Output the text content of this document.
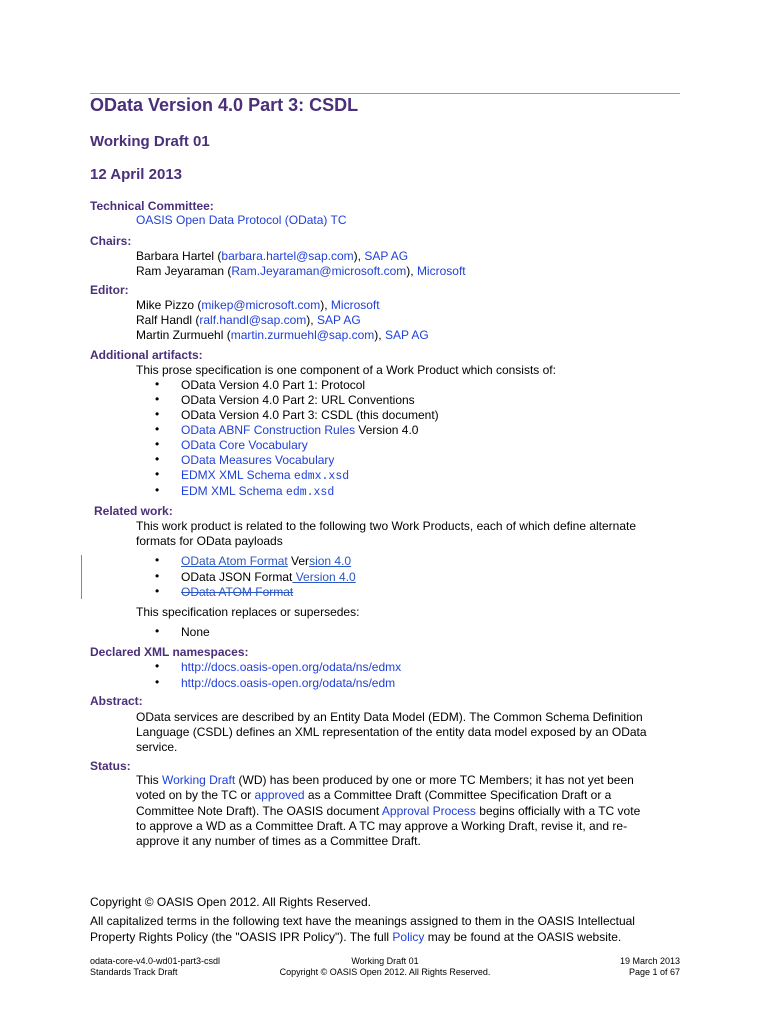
OData Version 4.0 Part 3: CSDL
Working Draft 01
12 April 2013
Technical Committee:
OASIS Open Data Protocol (OData) TC
Chairs:
Barbara Hartel (barbara.hartel@sap.com), SAP AG
Ram Jeyaraman (Ram.Jeyaraman@microsoft.com), Microsoft
Editor:
Mike Pizzo (mikep@microsoft.com), Microsoft
Ralf Handl (ralf.handl@sap.com), SAP AG
Martin Zurmuehl (martin.zurmuehl@sap.com), SAP AG
Additional artifacts:
This prose specification is one component of a Work Product which consists of:
• OData Version 4.0 Part 1: Protocol
• OData Version 4.0 Part 2: URL Conventions
• OData Version 4.0 Part 3: CSDL (this document)
• OData ABNF Construction Rules Version 4.0
• OData Core Vocabulary
• OData Measures Vocabulary
• EDMX XML Schema edmx.xsd
• EDM XML Schema edm.xsd
Related work:
This work product is related to the following two Work Products, each of which define alternate
formats for OData payloads
• OData Atom Format Version 4.0
• OData JSON Format Version 4.0
• OData ATOM Format
This specification replaces or supersedes:
• None
Declared XML namespaces:
• http://docs.oasis-open.org/odata/ns/edmx
• http://docs.oasis-open.org/odata/ns/edm
Abstract:
OData services are described by an Entity Data Model (EDM). The Common Schema Definition
Language (CSDL) defines an XML representation of the entity data model exposed by an OData
service.
Status:
This Working Draft (WD) has been produced by one or more TC Members; it has not yet been
voted on by the TC or approved as a Committee Draft (Committee Specification Draft or a
Committee Note Draft). The OASIS document Approval Process begins officially with a TC vote
to approve a WD as a Committee Draft. A TC may approve a Working Draft, revise it, and re-
approve it any number of times as a Committee Draft.
Copyright © OASIS Open 2012. All Rights Reserved.
All capitalized terms in the following text have the meanings assigned to them in the OASIS Intellectual
Property Rights Policy (the "OASIS IPR Policy"). The full Policy may be found at the OASIS website.
odata-core-v4.0-wd01-part3-csdl
Standards Track Draft
Working Draft 01
Copyright © OASIS Open 2012. All Rights Reserved.
19 March 2013
Page 1 of 67
